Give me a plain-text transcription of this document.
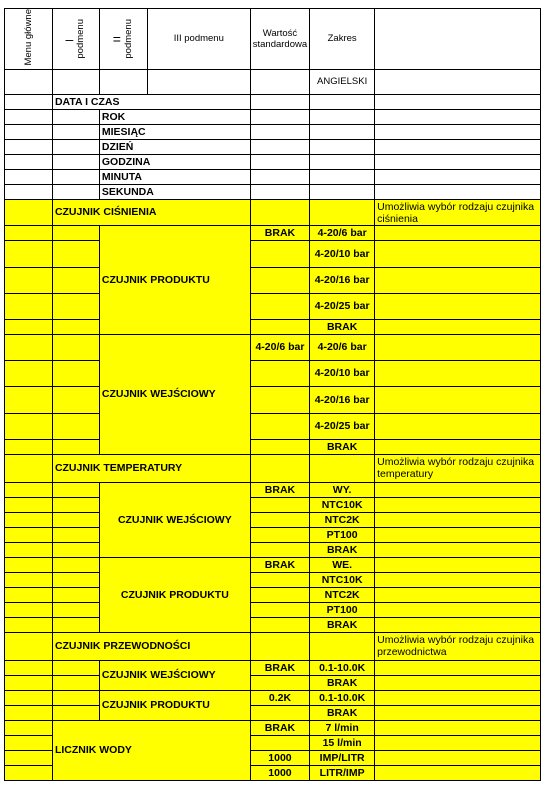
Menu główne	– podmenu	= podmenu	III podmenu	Wartość standardowa	Zakres	
					ANGIELSKI	
	DATA I CZAS					
		ROK				
		MIESIĄC				
		DZIEŃ				
		GODZINA				
		MINUTA				
		SEKUNDA				
	CZUJNIK CIŚNIENIA					Umożliwia wybór rodzaju czujnika ciśnienia
		CZUJNIK PRODUKTU		BRAK	4-20/6 bar	
					4-20/10 bar	

					4-20/16 bar	
					4-20/25 bar	
					BRAK	
		CZUJNIK WEJŚCIOWY		4-20/6 bar	4-20/6 bar	
					4-20/10 bar	
					4-20/16 bar	
					4-20/25 bar	
					BRAK	
	CZUJNIK TEMPERATURY					Umożliwia wybór rodzaju czujnika temperatury
		CZUJNIK WEJŚCIOWY		BRAK	WY.	
					NTC10K	
					NTC2K	
					PT100	
					BRAK	
		CZUJNIK PRODUKTU		BRAK	WE.	
					NTC10K	
					NTC2K	
					PT100	
					BRAK	
	CZUJNIK PRZEWODNOŚCI					Umożliwia wybór rodzaju czujnika przewodnictwa
		CZUJNIK WEJŚCIOWY		BRAK	0.1-10.0K	
					BRAK	
		CZUJNIK PRODUKTU		0.2K	0.1-10.0K	
					BRAK	
	LICZNIK WODY			BRAK	7 l/min	
					15 l/min	
				1000	IMP/LITR	
				1000	LITR/IMP	
